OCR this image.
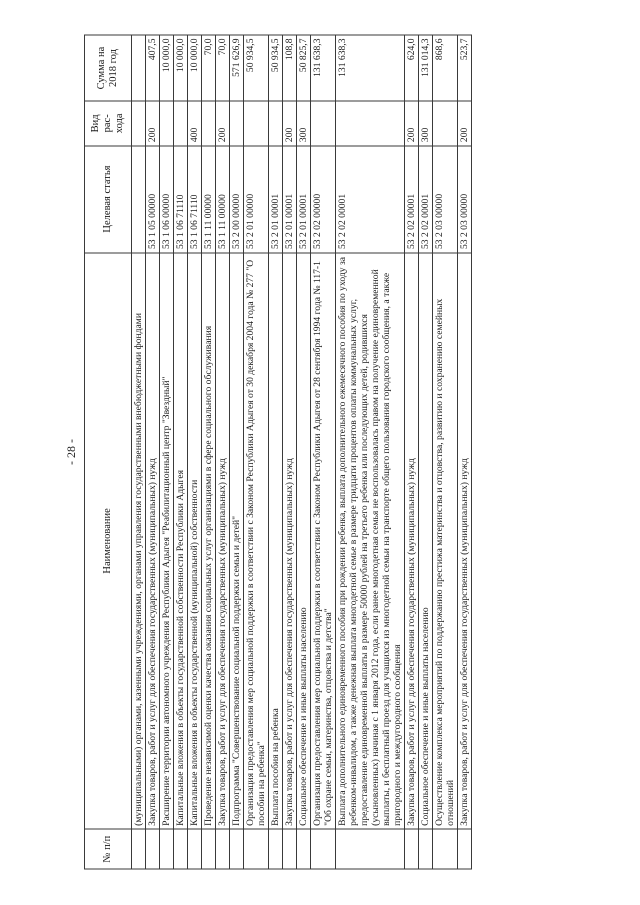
- 28 -
№ п/п	Наименование	Целевая статья	Вид рас-хода	Сумма на 2018 год
	(муниципальными) органами, казенными учреждениями, органами управления государственными внебюджетными фондами			
	Закупка товаров, работ и услуг для обеспечения государственных (муниципальных) нужд	53 1 05 00000	200	407,5
	Расширение территории автономного учреждения Республики Адыгея "Реабилитационный центр "Звездный"	53 1 06 00000		10 000,0
	Капитальные вложения в объекты государственной собственности Республики Адыгея	53 1 06 71110		10 000,0
	Капитальные вложения в объекты государственной (муниципальной) собственности	53 1 06 71110	400	10 000,0
	Проведение независимой оценки качества оказания социальных услуг организациями в сфере социального обслуживания	53 1 11 00000		70,0
	Закупка товаров, работ и услуг для обеспечения государственных (муниципальных) нужд	53 1 11 00000	200	70,0
	Подпрограмма "Совершенствование социальной поддержки семьи и детей"	53 2 00 00000		571 626,9
	Организация предоставления мер социальной поддержки в соответствии с Законом Республики Адыгея от 30 декабря 2004 года № 277 "О пособии на ребенка"	53 2 01 00000		50 934,5
	Выплата пособия на ребенка	53 2 01 00001		50 934,5
	Закупка товаров, работ и услуг для обеспечения государственных (муниципальных) нужд	53 2 01 00001	200	108,8
	Социальное обеспечение и иные выплаты населению	53 2 01 00001	300	50 825,7
	Организация предоставления мер социальной поддержки в соответствии с Законом Республики Адыгея от 28 сентября 1994 года № 117-1 "Об охране семьи, материнства, отцовства и детства"	53 2 02 00000		131 638,3
	Выплата дополнительного единовременного пособия при рождении ребенка, выплата дополнительного ежемесячного пособия по уходу за ребенком-инвалидом, а также денежная выплата многодетной семье в размере тридцати процентов оплаты коммунальных услуг, предоставление единовременной выплаты в размере 50000 рублей на третьего ребенка или последующих детей, родившихся (усыновленных) начиная с 1 января 2012 года, если ранее многодетная семья не воспользовалась правом на получение единовременной выплаты, и бесплатный проезд для учащихся из многодетной семьи на транспорте общего пользования городского сообщения, а также пригородного и междугородного сообщения	53 2 02 00001		131 638,3
	Закупка товаров, работ и услуг для обеспечения государственных (муниципальных) нужд	53 2 02 00001	200	624,0
	Социальное обеспечение и иные выплаты населению	53 2 02 00001	300	131 014,3
	Осуществление комплекса мероприятий по поддержанию престижа материнства и отцовства, развитию и сохранению семейных отношений	53 2 03 00000		868,6
	Закупка товаров, работ и услуг для обеспечения государственных (муниципальных) нужд	53 2 03 00000	200	523,7
